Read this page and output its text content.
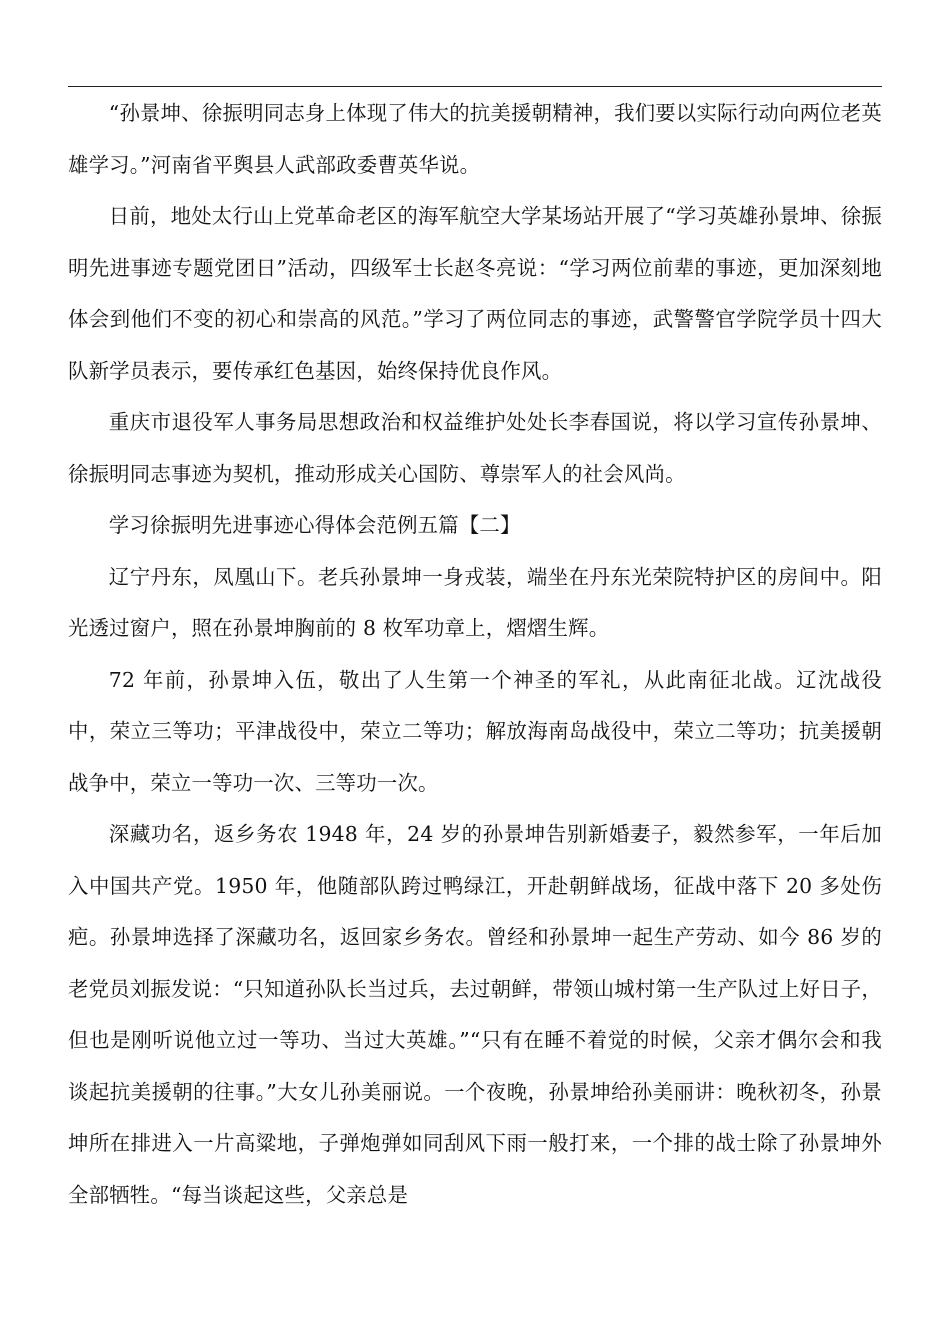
“孙景坤、徐振明同志身上体现了伟大的抗美援朝精神，我们要以实际行动向两位老英雄学习。”河南省平舆县人武部政委曹英华说。

日前，地处太行山上党革命老区的海军航空大学某场站开展了“学习英雄孙景坤、徐振明先进事迹专题党团日”活动，四级军士长赵冬亮说：“学习两位前辈的事迹，更加深刻地体会到他们不变的初心和崇高的风范。”学习了两位同志的事迹，武警警官学院学员十四大队新学员表示，要传承红色基因，始终保持优良作风。

重庆市退役军人事务局思想政治和权益维护处处长李春国说，将以学习宣传孙景坤、徐振明同志事迹为契机，推动形成关心国防、尊崇军人的社会风尚。

学习徐振明先进事迹心得体会范例五篇【二】

辽宁丹东，凤凰山下。老兵孙景坤一身戎装，端坐在丹东光荣院特护区的房间中。阳光透过窗户，照在孙景坤胸前的 8 枚军功章上，熠熠生辉。

72 年前，孙景坤入伍，敬出了人生第一个神圣的军礼，从此南征北战。辽沈战役中，荣立三等功；平津战役中，荣立二等功；解放海南岛战役中，荣立二等功；抗美援朝战争中，荣立一等功一次、三等功一次。

深藏功名，返乡务农 1948 年，24 岁的孙景坤告别新婚妻子，毅然参军，一年后加入中国共产党。1950 年，他随部队跨过鸭绿江，开赴朝鲜战场，征战中落下 20 多处伤疤。孙景坤选择了深藏功名，返回家乡务农。曾经和孙景坤一起生产劳动、如今 86 岁的老党员刘振发说：“只知道孙队长当过兵，去过朝鲜，带领山城村第一生产队过上好日子，但也是刚听说他立过一等功、当过大英雄。”“只有在睡不着觉的时候，父亲才偶尔会和我谈起抗美援朝的往事。”大女儿孙美丽说。一个夜晚，孙景坤给孙美丽讲：晚秋初冬，孙景坤所在排进入一片高粱地，子弹炮弹如同刮风下雨一般打来，一个排的战士除了孙景坤外全部牺牲。“每当谈起这些，父亲总是
